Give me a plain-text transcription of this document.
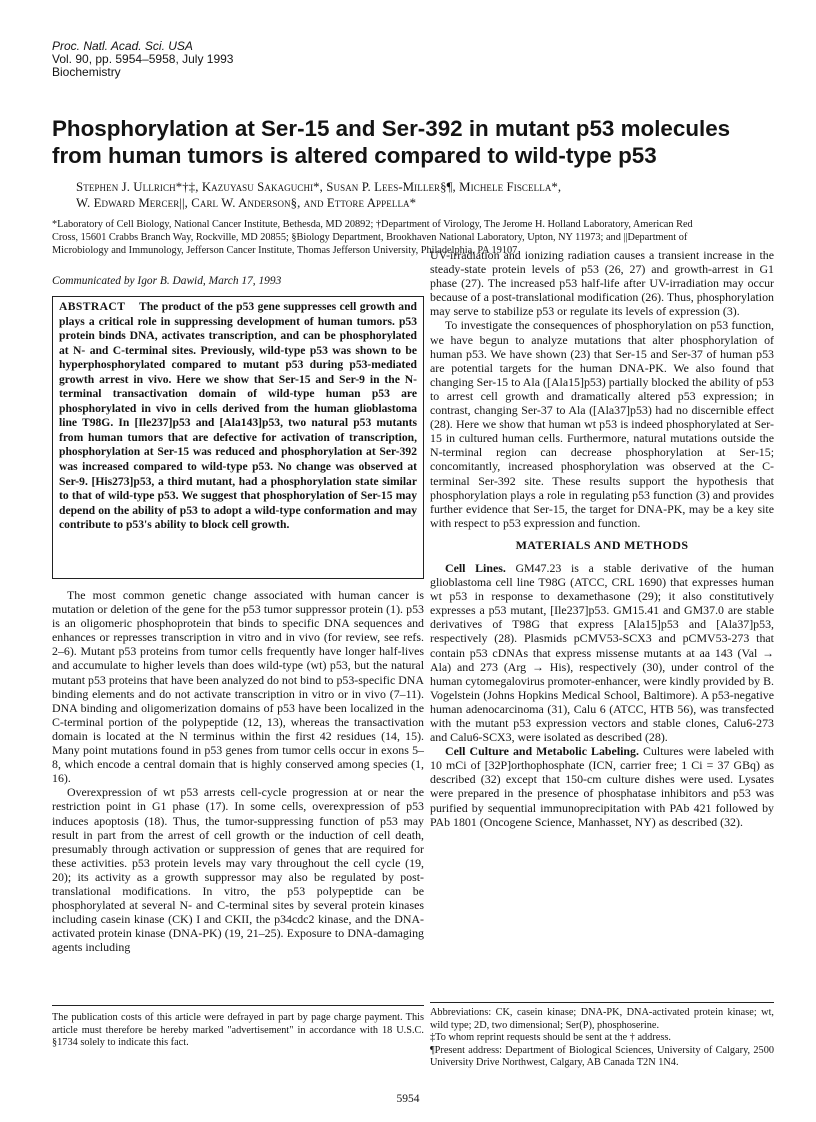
Proc. Natl. Acad. Sci. USA
Vol. 90, pp. 5954–5958, July 1993
Biochemistry
Phosphorylation at Ser-15 and Ser-392 in mutant p53 molecules
from human tumors is altered compared to wild-type p53
Stephen J. Ullrich*†‡, Kazuyasu Sakaguchi*, Susan P. Lees-Miller§¶, Michele Fiscella*,
W. Edward Mercer||, Carl W. Anderson§, and Ettore Appella*
*Laboratory of Cell Biology, National Cancer Institute, Bethesda, MD 20892; †Department of Virology, The Jerome H. Holland Laboratory, American Red
Cross, 15601 Crabbs Branch Way, Rockville, MD 20855; §Biology Department, Brookhaven National Laboratory, Upton, NY 11973; and ||Department of
Microbiology and Immunology, Jefferson Cancer Institute, Thomas Jefferson University, Philadelphia, PA 19107
Communicated by Igor B. Dawid, March 17, 1993
ABSTRACT The product of the p53 gene suppresses cell growth and plays a critical role in suppressing development of human tumors. p53 protein binds DNA, activates transcription, and can be phosphorylated at N- and C-terminal sites. Previously, wild-type p53 was shown to be hyperphosphorylated compared to mutant p53 during p53-mediated growth arrest in vivo. Here we show that Ser-15 and Ser-9 in the N-terminal transactivation domain of wild-type human p53 are phosphorylated in vivo in cells derived from the human glioblastoma line T98G. In [Ile237]p53 and [Ala143]p53, two natural p53 mutants from human tumors that are defective for activation of transcription, phosphorylation at Ser-15 was reduced and phosphorylation at Ser-392 was increased compared to wild-type p53. No change was observed at Ser-9. [His273]p53, a third mutant, had a phosphorylation state similar to that of wild-type p53. We suggest that phosphorylation of Ser-15 may depend on the ability of p53 to adopt a wild-type conformation and may contribute to p53's ability to block cell growth.

The most common genetic change associated with human cancer is mutation or deletion of the gene for the p53 tumor suppressor protein (1). p53 is an oligomeric phosphoprotein that binds to specific DNA sequences and enhances or represses transcription in vitro and in vivo (for review, see refs. 2–6). Mutant p53 proteins from tumor cells frequently have longer half-lives and accumulate to higher levels than does wild-type (wt) p53, but the natural mutant p53 proteins that have been analyzed do not bind to p53-specific DNA binding elements and do not activate transcription in vitro or in vivo (7–11). DNA binding and oligomerization domains of p53 have been localized in the C-terminal portion of the polypeptide (12, 13), whereas the transactivation domain is located at the N terminus within the first 42 residues (14, 15). Many point mutations found in p53 genes from tumor cells occur in exons 5–8, which encode a central domain that is highly conserved among species (1, 16).

Overexpression of wt p53 arrests cell-cycle progression at or near the restriction point in G1 phase (17). In some cells, overexpression of p53 induces apoptosis (18). Thus, the tumor-suppressing function of p53 may result in part from the arrest of cell growth or the induction of cell death, presumably through activation or suppression of genes that are required for these activities. p53 protein levels may vary throughout the cell cycle (19, 20); its activity as a growth suppressor may also be regulated by post-translational modifications. In vitro, the p53 polypeptide can be phosphorylated at several N- and C-terminal sites by several protein kinases including casein kinase (CK) I and CKII, the p34cdc2 kinase, and the DNA-activated protein kinase (DNA-PK) (19, 21–25). Exposure to DNA-damaging agents including

The publication costs of this article were defrayed in part by page charge payment. This article must therefore be hereby marked "advertisement" in accordance with 18 U.S.C. §1734 solely to indicate this fact.

UV-irradiation and ionizing radiation causes a transient increase in the steady-state protein levels of p53 (26, 27) and growth-arrest in G1 phase (27). The increased p53 half-life after UV-irradiation may occur because of a post-translational modification (26). Thus, phosphorylation may serve to stabilize p53 or regulate its levels of expression (3).

To investigate the consequences of phosphorylation on p53 function, we have begun to analyze mutations that alter phosphorylation of human p53. We have shown (23) that Ser-15 and Ser-37 of human p53 are potential targets for the human DNA-PK. We also found that changing Ser-15 to Ala ([Ala15]p53) partially blocked the ability of p53 to arrest cell growth and dramatically altered p53 expression; in contrast, changing Ser-37 to Ala ([Ala37]p53) had no discernible effect (28). Here we show that human wt p53 is indeed phosphorylated at Ser-15 in cultured human cells. Furthermore, natural mutations outside the N-terminal region can decrease phosphorylation at Ser-15; concomitantly, increased phosphorylation was observed at the C-terminal Ser-392 site. These results support the hypothesis that phosphorylation plays a role in regulating p53 function (3) and provides further evidence that Ser-15, the target for DNA-PK, may be a key site with respect to p53 expression and function.

MATERIALS AND METHODS

Cell Lines. GM47.23 is a stable derivative of the human glioblastoma cell line T98G (ATCC, CRL 1690) that expresses human wt p53 in response to dexamethasone (29); it also constitutively expresses a p53 mutant, [Ile237]p53. GM15.41 and GM37.0 are stable derivatives of T98G that express [Ala15]p53 and [Ala37]p53, respectively (28). Plasmids pCMV53-SCX3 and pCMV53-273 that contain p53 cDNAs that express missense mutants at aa 143 (Val → Ala) and 273 (Arg → His), respectively (30), under control of the human cytomegalovirus promoter-enhancer, were kindly provided by B. Vogelstein (Johns Hopkins Medical School, Baltimore). A p53-negative human adenocarcinoma (31), Calu 6 (ATCC, HTB 56), was transfected with the mutant p53 expression vectors and stable clones, Calu6-273 and Calu6-SCX3, were isolated as described (28).

Cell Culture and Metabolic Labeling. Cultures were labeled with 10 mCi of [32P]orthophosphate (ICN, carrier free; 1 Ci = 37 GBq) as described (32) except that 150-cm culture dishes were used. Lysates were prepared in the presence of phosphatase inhibitors and p53 was purified by sequential immunoprecipitation with PAb 421 followed by PAb 1801 (Oncogene Science, Manhasset, NY) as described (32).

Abbreviations: CK, casein kinase; DNA-PK, DNA-activated protein kinase; wt, wild type; 2D, two dimensional; Ser(P), phosphoserine.

‡To whom reprint requests should be sent at the † address.

¶Present address: Department of Biological Sciences, University of Calgary, 2500 University Drive Northwest, Calgary, AB Canada T2N 1N4.

5954
